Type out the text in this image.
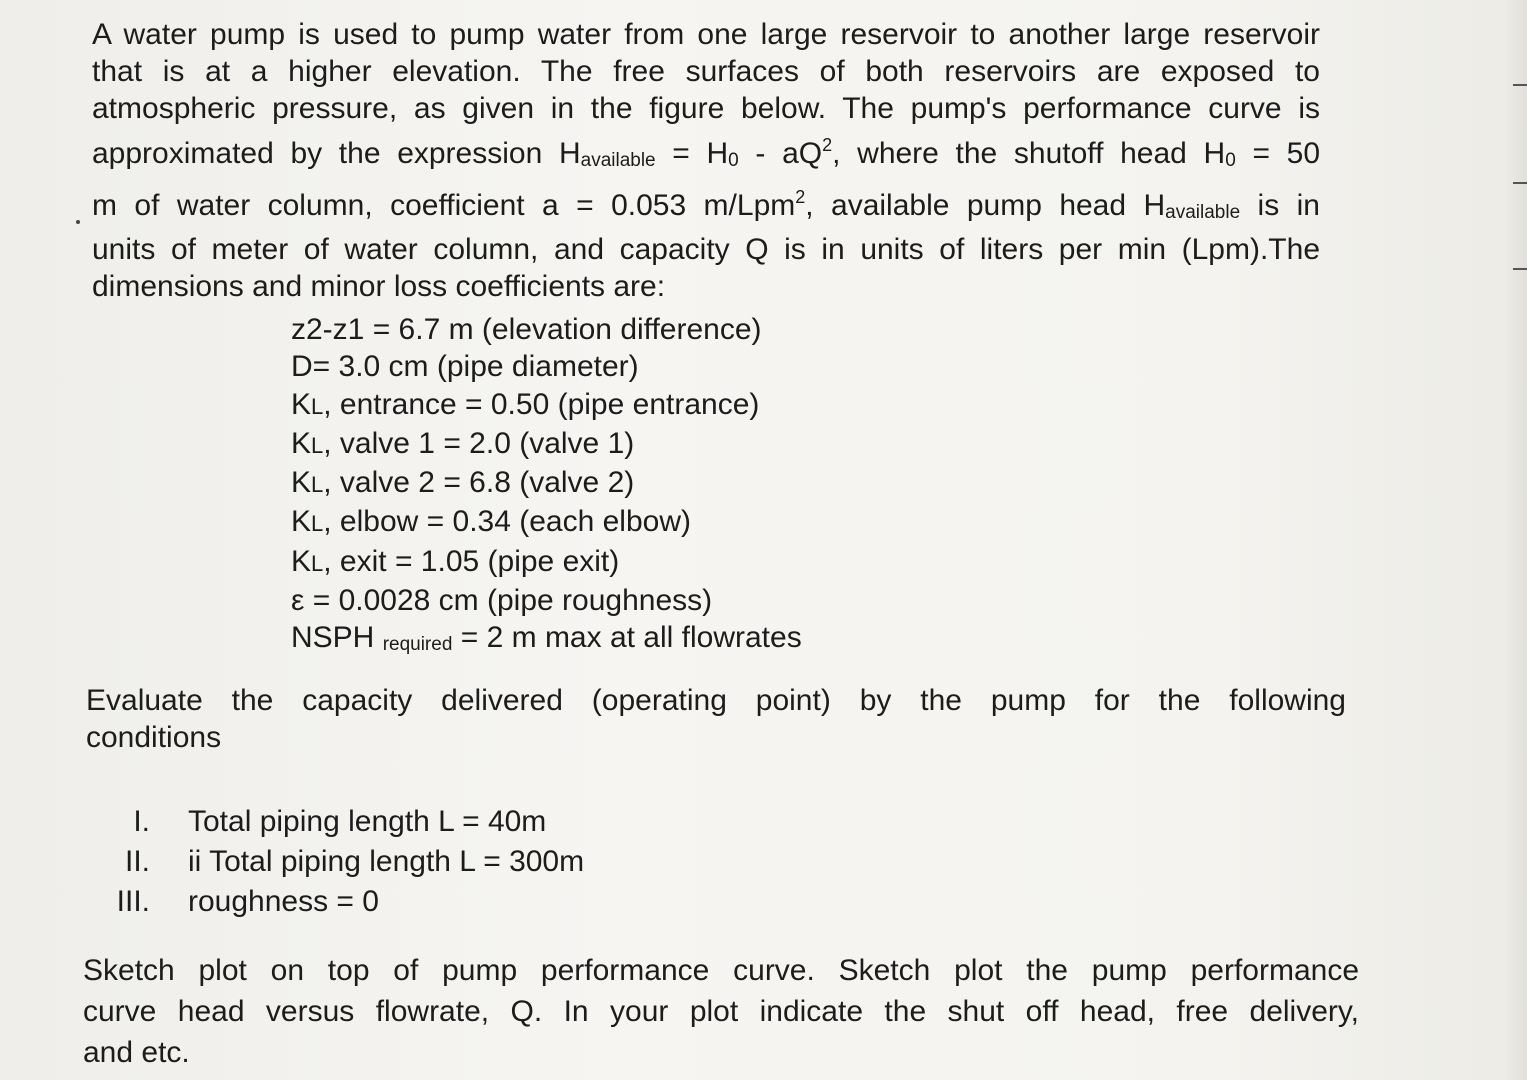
A water pump is used to pump water from one large reservoir to another large reservoir
that is at a higher elevation. The free surfaces of both reservoirs are exposed to
atmospheric pressure, as given in the figure below. The pump's performance curve is
approximated by the expression Havailable = $H0 - aQ^2$, where the shutoff head H0 = 50
m of water column, coefficient a = 0.053 m/Lpm$^2$, available pump head Havailable is in
units of meter of water column, and capacity Q is in units of liters per min (Lpm).The
dimensions and minor loss coefficients are:

z2-z1 = 6.7 m (elevation difference)
D= 3.0 cm (pipe diameter)
KL, entrance = 0.50 (pipe entrance)
KL, valve 1 = 2.0 (valve 1)
KL, valve 2 = 6.8 (valve 2)
KL, elbow = 0.34 (each elbow)
KL, exit = 1.05 (pipe exit)
ε = 0.0028 cm (pipe roughness)
NSPH required = 2 m max at all flowrates

Evaluate the capacity delivered (operating point) by the pump for the following
conditions

I. Total piping length L = 40m
II. ii Total piping length L = 300m
III. roughness = 0

Sketch plot on top of pump performance curve. Sketch plot the pump performance
curve head versus flowrate, Q. In your plot indicate the shut off head, free delivery,
and etc.
